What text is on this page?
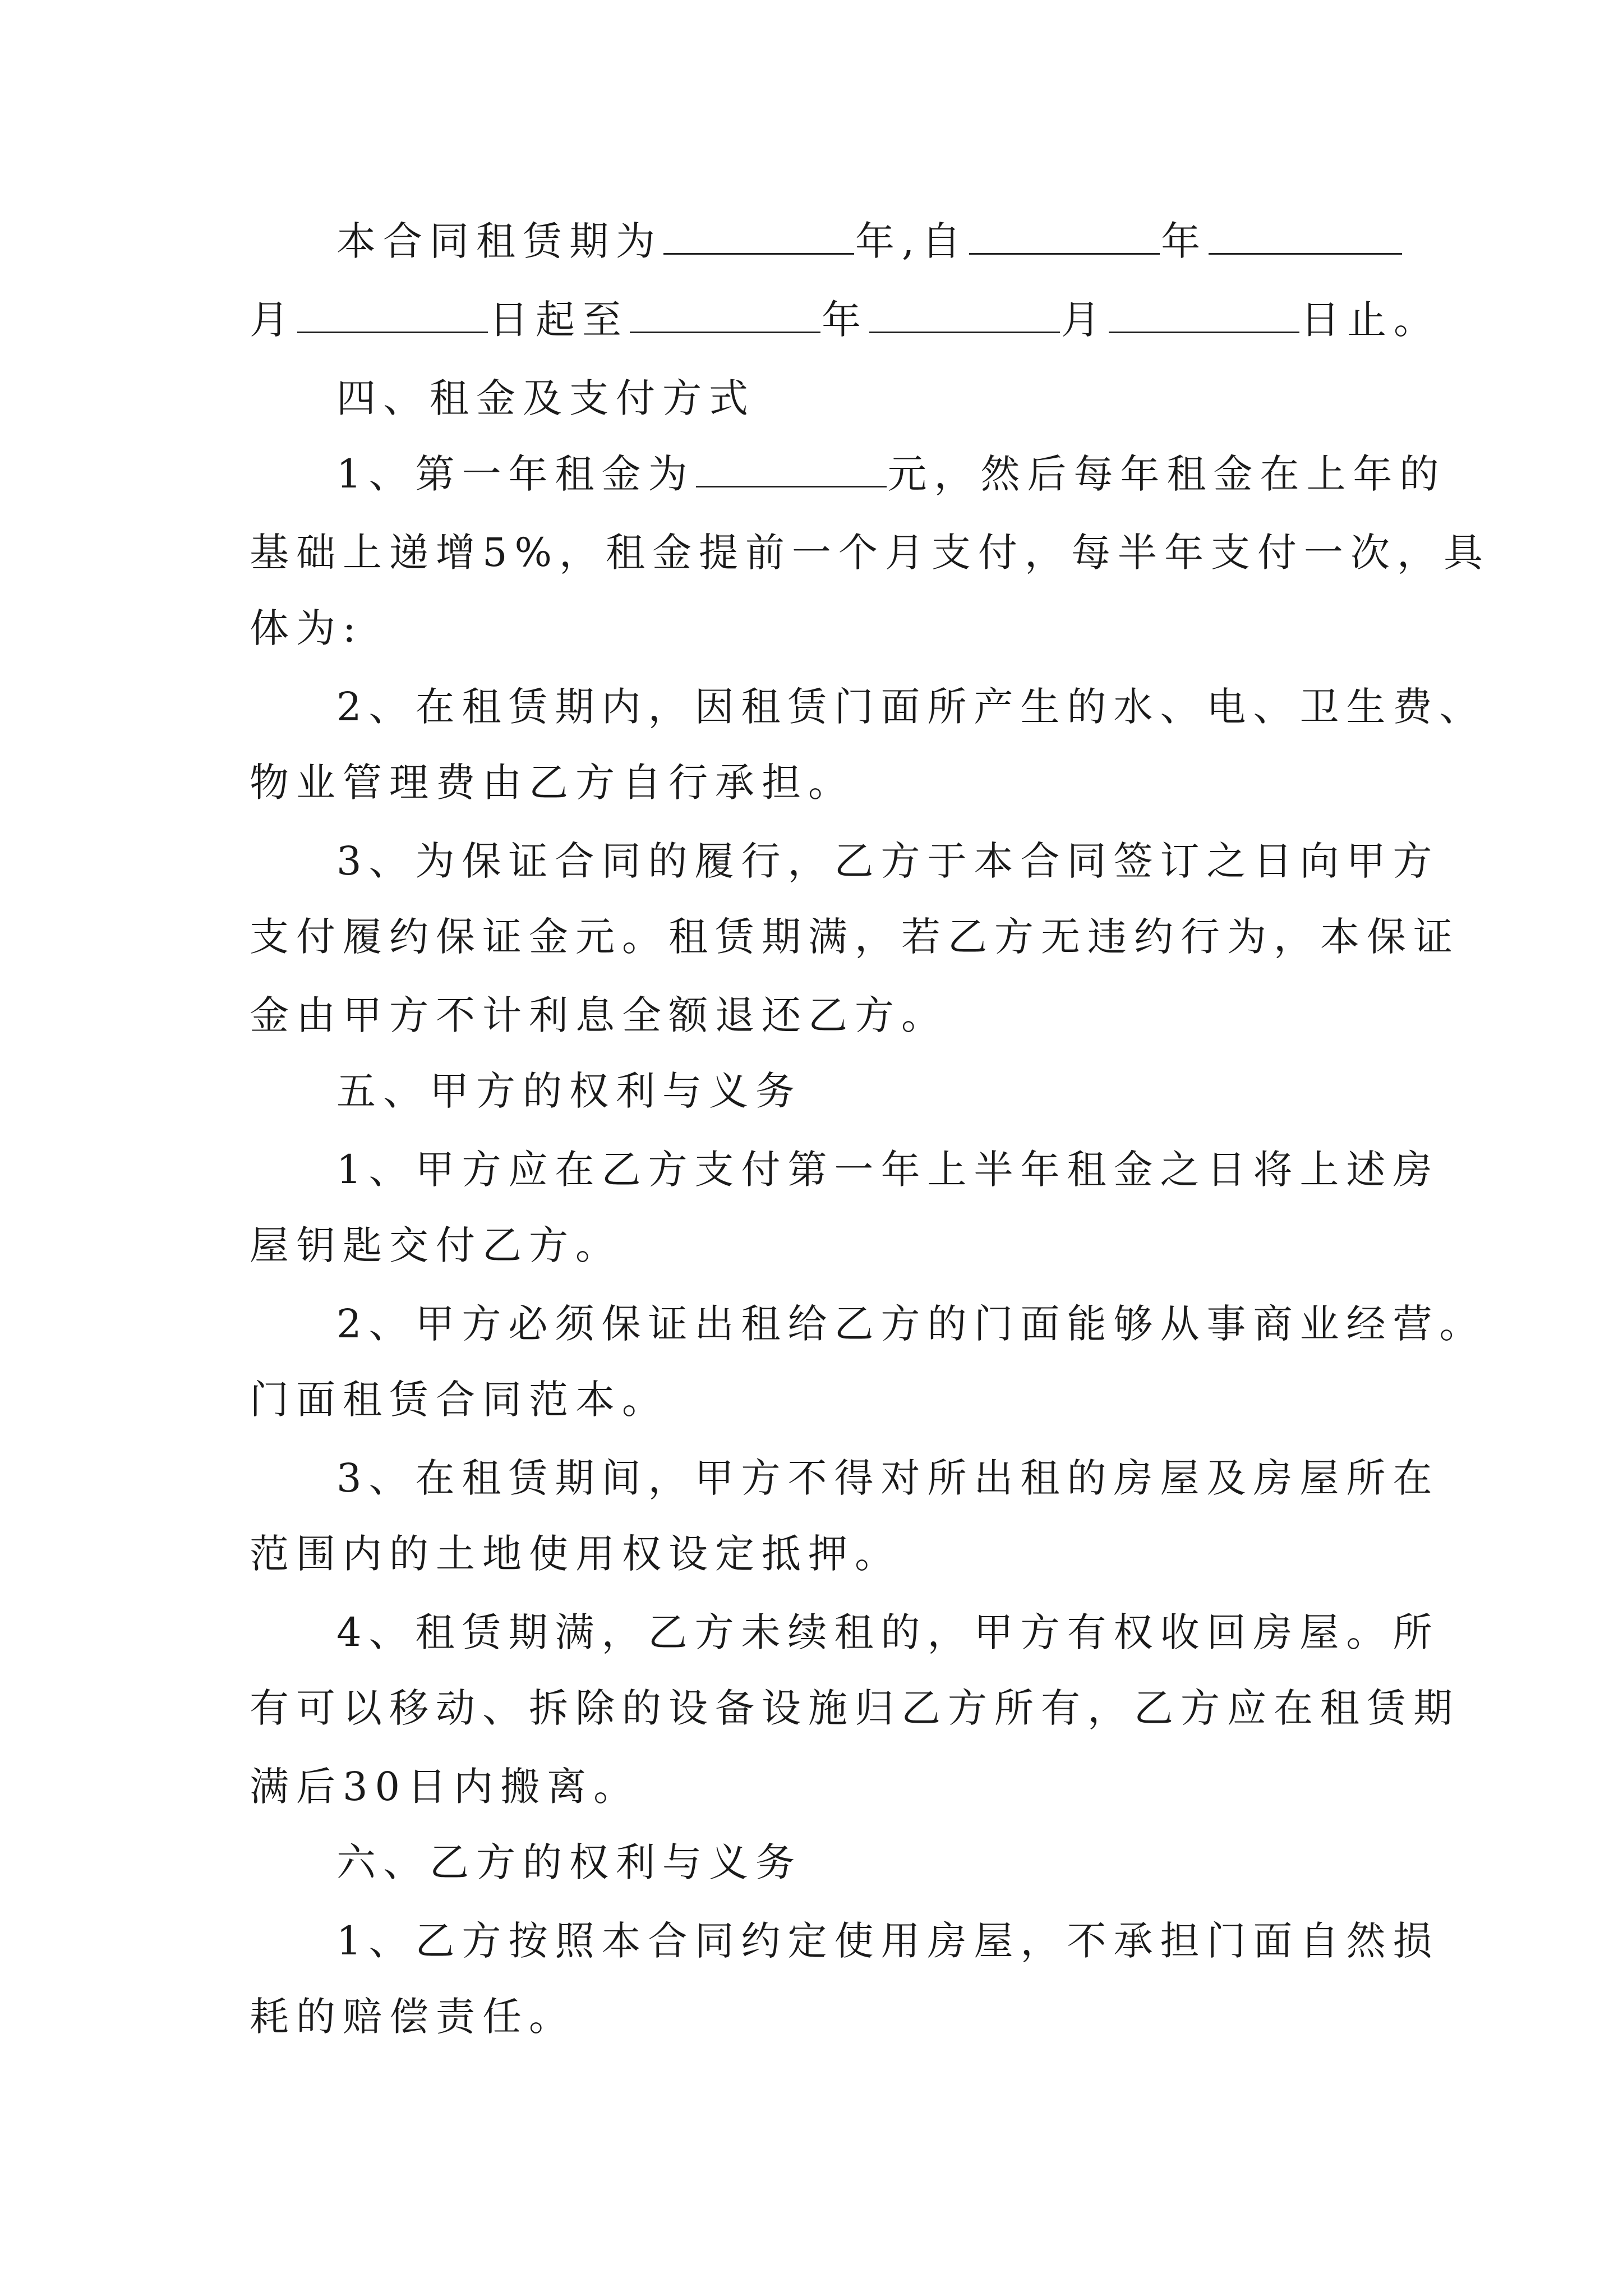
本合同租赁期为	年,自	年
月	日起至	年	月	日止。
四、租金及支付方式
1、第一年租金为	元，然后每年租金在上年的
基础上递增5%，租金提前一个月支付，每半年支付一次，具
体为:
2、在租赁期内，因租赁门面所产生的水、电、卫生费、
物业管理费由乙方自行承担。
3、为保证合同的履行，乙方于本合同签订之日向甲方
支付履约保证金元。租赁期满，若乙方无违约行为，本保证
金由甲方不计利息全额退还乙方。
五、甲方的权利与义务
1、甲方应在乙方支付第一年上半年租金之日将上述房
屋钥匙交付乙方。
2、甲方必须保证出租给乙方的门面能够从事商业经营。
门面租赁合同范本。
3、在租赁期间，甲方不得对所出租的房屋及房屋所在
范围内的土地使用权设定抵押。
4、租赁期满，乙方未续租的，甲方有权收回房屋。所
有可以移动、拆除的设备设施归乙方所有，乙方应在租赁期
满后30日内搬离。
六、乙方的权利与义务
1、乙方按照本合同约定使用房屋，不承担门面自然损
耗的赔偿责任。
